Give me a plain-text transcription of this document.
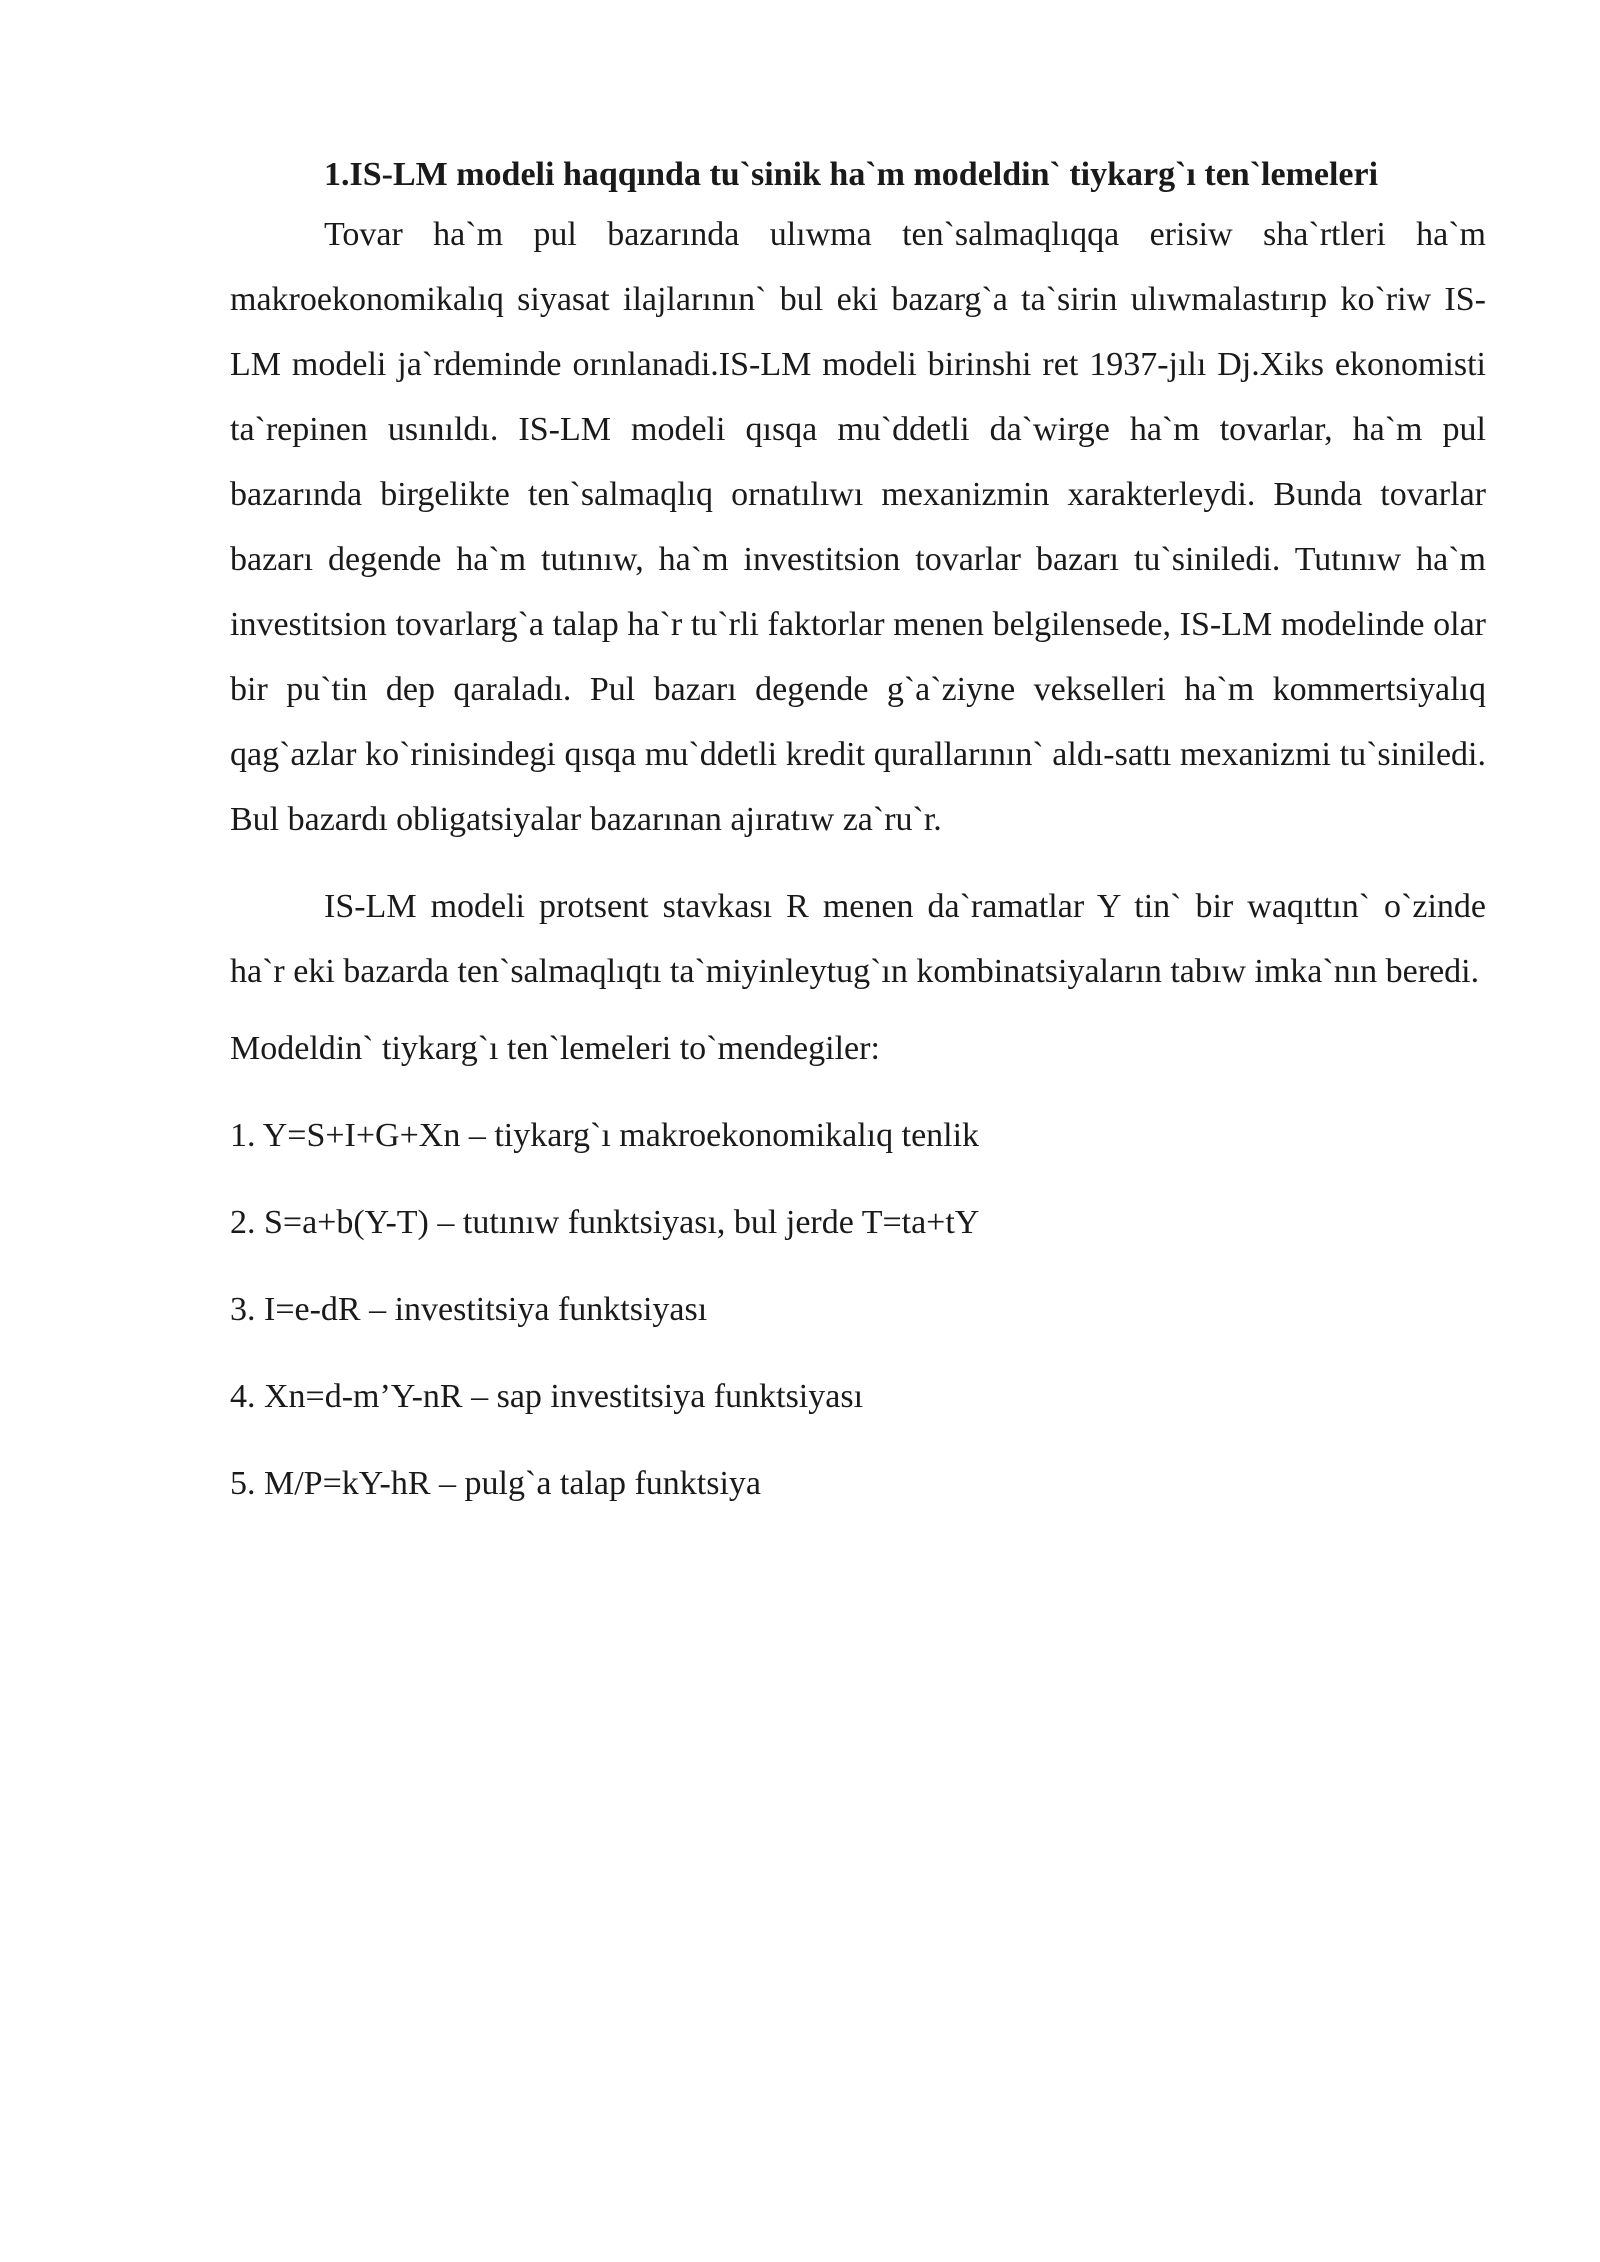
1.IS-LM modeli haqqında tu`sinik ha`m modeldin` tiykarg`ı ten`lemeleri

Tovar ha`m pul bazarında ulıwma ten`salmaqlıqqa erisiw sha`rtleri ha`m makroekonomikalıq siyasat ilajlarının` bul eki bazarg`a ta`sirin ulıwmalastırıp ko`riw IS-LM modeli ja`rdeminde orınlanadi.IS-LM modeli birinshi ret 1937-jılı Dj.Xiks ekonomisti ta`repinen usınıldı. IS-LM modeli qısqa mu`ddetli da`wirge ha`m tovarlar, ha`m pul bazarında birgelikte ten`salmaqlıq ornatılıwı mexanizmin xarakterleydi. Bunda tovarlar bazarı degende ha`m tutınıw, ha`m investitsion tovarlar bazarı tu`siniledi. Tutınıw ha`m investitsion tovarlarg`a talap ha`r tu`rli faktorlar menen belgilensede, IS-LM modelinde olar bir pu`tin dep qaraladı. Pul bazarı degende g`a`ziyne vekselleri ha`m kommertsiyalıq qag`azlar ko`rinisindegi qısqa mu`ddetli kredit qurallarının` aldı-sattı mexanizmi tu`siniledi. Bul bazardı obligatsiyalar bazarınan ajıratıw za`ru`r.

IS-LM modeli protsent stavkası R menen da`ramatlar Y tin` bir waqıttın` o`zinde ha`r eki bazarda ten`salmaqlıqtı ta`miyinleytug`ın kombinatsiyaların tabıw imka`nın beredi.

Modeldin` tiykarg`ı ten`lemeleri to`mendegiler:

1. Y=S+I+G+Xn – tiykarg`ı makroekonomikalıq tenlik

2. S=a+b(Y-T) – tutınıw funktsiyası, bul jerde T=ta+tY

3. I=e-dR – investitsiya funktsiyası

4. Xn=d-m’Y-nR – sap investitsiya funktsiyası

5. M/P=kY-hR – pulg`a talap funktsiya
